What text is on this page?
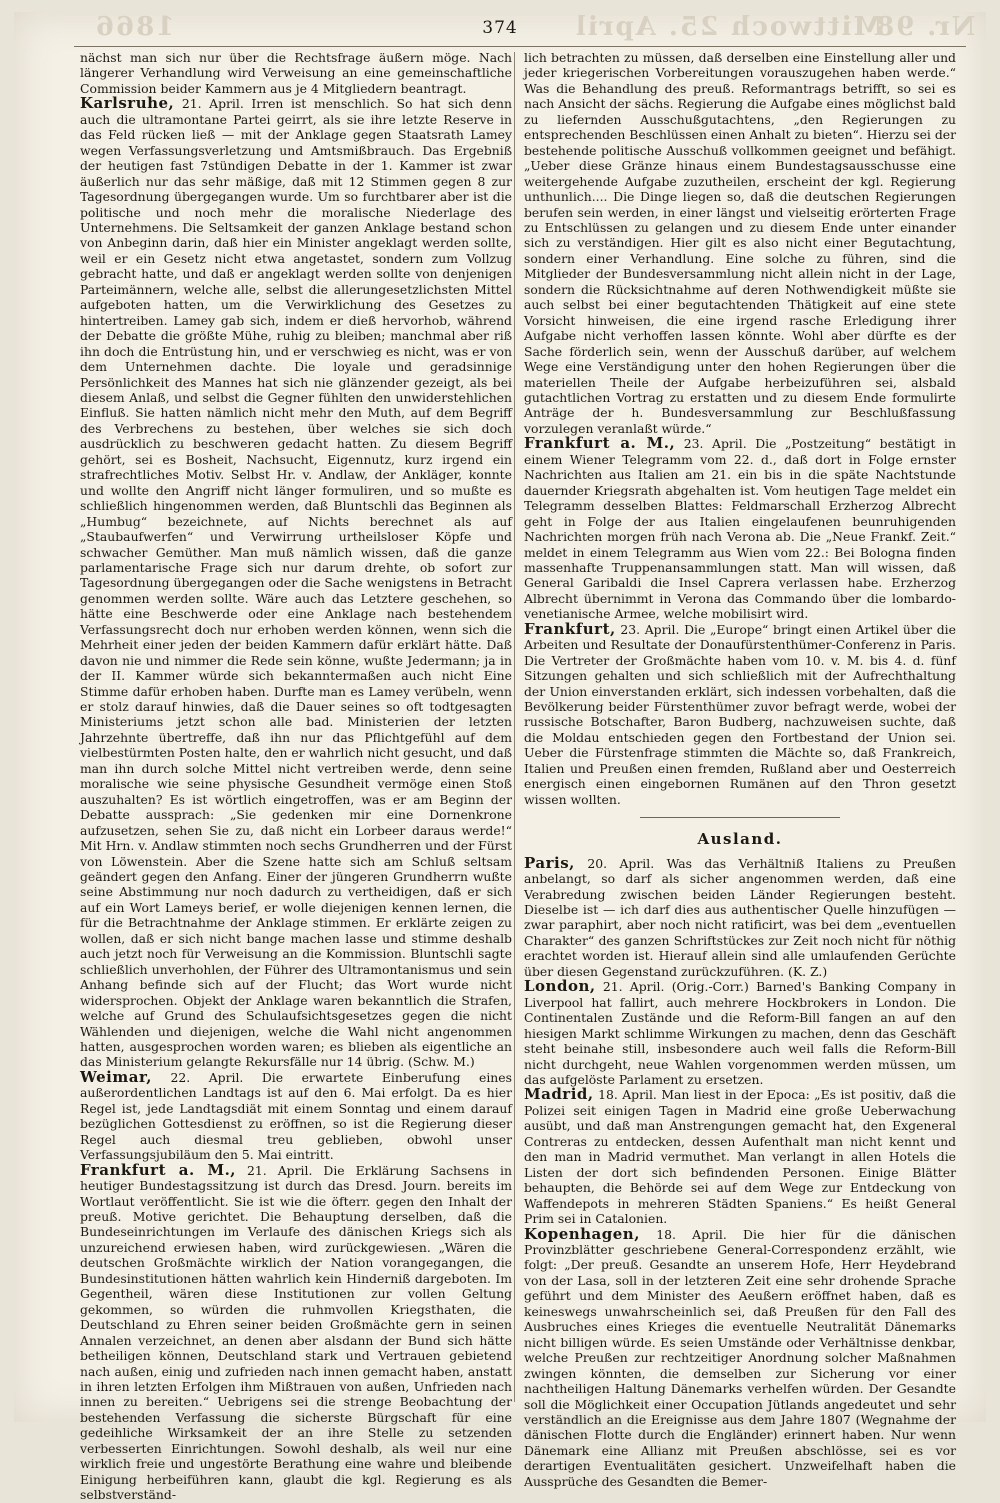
1866	Mittwoch 25. April
Nr. 98
374

nächst man sich nur über die Rechtsfrage äußern möge. Nach längerer Verhandlung wird Verweisung an eine gemeinschaftliche Commission beider Kammern aus je 4 Mitgliedern beantragt.

Karlsruhe, 21. April. Irren ist menschlich. So hat sich denn auch die ultramontane Partei geirrt, als sie ihre letzte Reserve in das Feld rücken ließ — mit der Anklage gegen Staatsrath Lamey wegen Verfassungsverletzung und Amtsmißbrauch. Das Ergebniß der heutigen fast 7stündigen Debatte in der 1. Kammer ist zwar äußerlich nur das sehr mäßige, daß mit 12 Stimmen gegen 8 zur Tagesordnung übergegangen wurde. Um so furchtbarer aber ist die politische und noch mehr die moralische Niederlage des Unternehmens. Die Seltsamkeit der ganzen Anklage bestand schon von Anbeginn darin, daß hier ein Minister angeklagt werden sollte, weil er ein Gesetz nicht etwa angetastet, sondern zum Vollzug gebracht hatte, und daß er angeklagt werden sollte von denjenigen Parteimännern, welche alle, selbst die allerungesetzlichsten Mittel aufgeboten hatten, um die Verwirklichung des Gesetzes zu hintertreiben. Lamey gab sich, indem er dieß hervorhob, während der Debatte die größte Mühe, ruhig zu bleiben; manchmal aber riß ihn doch die Entrüstung hin, und er verschwieg es nicht, was er von dem Unternehmen dachte. Die loyale und geradsinnige Persönlichkeit des Mannes hat sich nie glänzender gezeigt, als bei diesem Anlaß, und selbst die Gegner fühlten den unwiderstehlichen Einfluß. Sie hatten nämlich nicht mehr den Muth, auf dem Begriff des Verbrechens zu bestehen, über welches sie sich doch ausdrücklich zu beschweren gedacht hatten. Zu diesem Begriff gehört, sei es Bosheit, Nachsucht, Eigennutz, kurz irgend ein strafrechtliches Motiv. Selbst Hr. v. Andlaw, der Ankläger, konnte und wollte den Angriff nicht länger formuliren, und so mußte es schließlich hingenommen werden, daß Bluntschli das Beginnen als „Humbug“ bezeichnete, auf Nichts berechnet als auf „Staubaufwerfen“ und Verwirrung urtheilsloser Köpfe und schwacher Gemüther. Man muß nämlich wissen, daß die ganze parlamentarische Frage sich nur darum drehte, ob sofort zur Tagesordnung übergegangen oder die Sache wenigstens in Betracht genommen werden sollte. Wäre auch das Letztere geschehen, so hätte eine Beschwerde oder eine Anklage nach bestehendem Verfassungsrecht doch nur erhoben werden können, wenn sich die Mehrheit einer jeden der beiden Kammern dafür erklärt hätte. Daß davon nie und nimmer die Rede sein könne, wußte Jedermann; ja in der II. Kammer würde sich bekanntermaßen auch nicht Eine Stimme dafür erhoben haben. Durfte man es Lamey verübeln, wenn er stolz darauf hinwies, daß die Dauer seines so oft todtgesagten Ministeriums jetzt schon alle bad. Ministerien der letzten Jahrzehnte übertreffe, daß ihn nur das Pflichtgefühl auf dem vielbestürmten Posten halte, den er wahrlich nicht gesucht, und daß man ihn durch solche Mittel nicht vertreiben werde, denn seine moralische wie seine physische Gesundheit vermöge einen Stoß auszuhalten? Es ist wörtlich eingetroffen, was er am Beginn der Debatte aussprach: „Sie gedenken mir eine Dornenkrone aufzusetzen, sehen Sie zu, daß nicht ein Lorbeer daraus werde!“ Mit Hrn. v. Andlaw stimmten noch sechs Grundherren und der Fürst von Löwenstein. Aber die Szene hatte sich am Schluß seltsam geändert gegen den Anfang. Einer der jüngeren Grundherrn wußte seine Abstimmung nur noch dadurch zu vertheidigen, daß er sich auf ein Wort Lameys berief, er wolle diejenigen kennen lernen, die für die Betrachtnahme der Anklage stimmen. Er erklärte zeigen zu wollen, daß er sich nicht bange machen lasse und stimme deshalb auch jetzt noch für Verweisung an die Kommission. Bluntschli sagte schließlich unverhohlen, der Führer des Ultramontanismus und sein Anhang befinde sich auf der Flucht; das Wort wurde nicht widersprochen. Objekt der Anklage waren bekanntlich die Strafen, welche auf Grund des Schulaufsichtsgesetzes gegen die nicht Wählenden und diejenigen, welche die Wahl nicht angenommen hatten, ausgesprochen worden waren; es blieben als eigentliche an das Ministerium gelangte Rekursfälle nur 14 übrig. (Schw. M.)

Weimar, 22. April. Die erwartete Einberufung eines außerordentlichen Landtags ist auf den 6. Mai erfolgt. Da es hier Regel ist, jede Landtagsdiät mit einem Sonntag und einem darauf bezüglichen Gottesdienst zu eröffnen, so ist die Regierung dieser Regel auch diesmal treu geblieben, obwohl unser Verfassungsjubiläum den 5. Mai eintritt.

Frankfurt a. M., 21. April. Die Erklärung Sachsens in heutiger Bundestagssitzung ist durch das Dresd. Journ. bereits im Wortlaut veröffentlicht. Sie ist wie die öfterr. gegen den Inhalt der preuß. Motive gerichtet. Die Behauptung derselben, daß die Bundeseinrichtungen im Verlaufe des dänischen Kriegs sich als unzureichend erwiesen haben, wird zurückgewiesen. „Wären die deutschen Großmächte wirklich der Nation vorangegangen, die Bundesinstitutionen hätten wahrlich kein Hinderniß dargeboten. Im Gegentheil, wären diese Institutionen zur vollen Geltung gekommen, so würden die ruhmvollen Kriegsthaten, die Deutschland zu Ehren seiner beiden Großmächte gern in seinen Annalen verzeichnet, an denen aber alsdann der Bund sich hätte betheiligen können, Deutschland stark und Vertrauen gebietend nach außen, einig und zufrieden nach innen gemacht haben, anstatt in ihren letzten Erfolgen ihm Mißtrauen von außen, Unfrieden nach innen zu bereiten.“ Uebrigens sei die strenge Beobachtung der bestehenden Verfassung die sicherste Bürgschaft für eine gedeihliche Wirksamkeit der an ihre Stelle zu setzenden verbesserten Einrichtungen. Sowohl deshalb, als weil nur eine wirklich freie und ungestörte Berathung eine wahre und bleibende Einigung herbeiführen kann, glaubt die kgl. Regierung es als selbstverständ-

lich betrachten zu müssen, daß derselben eine Einstellung aller und jeder kriegerischen Vorbereitungen vorauszugehen haben werde.“ Was die Behandlung des preuß. Reformantrags betrifft, so sei es nach Ansicht der sächs. Regierung die Aufgabe eines möglichst bald zu liefernden Ausschußgutachtens, „den Regierungen zu entsprechenden Beschlüssen einen Anhalt zu bieten“. Hierzu sei der bestehende politische Ausschuß vollkommen geeignet und befähigt. „Ueber diese Gränze hinaus einem Bundestagsausschusse eine weitergehende Aufgabe zuzutheilen, erscheint der kgl. Regierung unthunlich.... Die Dinge liegen so, daß die deutschen Regierungen berufen sein werden, in einer längst und vielseitig erörterten Frage zu Entschlüssen zu gelangen und zu diesem Ende unter einander sich zu verständigen. Hier gilt es also nicht einer Begutachtung, sondern einer Verhandlung. Eine solche zu führen, sind die Mitglieder der Bundesversammlung nicht allein nicht in der Lage, sondern die Rücksichtnahme auf deren Nothwendigkeit müßte sie auch selbst bei einer begutachtenden Thätigkeit auf eine stete Vorsicht hinweisen, die eine irgend rasche Erledigung ihrer Aufgabe nicht verhoffen lassen könnte. Wohl aber dürfte es der Sache förderlich sein, wenn der Ausschuß darüber, auf welchem Wege eine Verständigung unter den hohen Regierungen über die materiellen Theile der Aufgabe herbeizuführen sei, alsbald gutachtlichen Vortrag zu erstatten und zu diesem Ende formulirte Anträge der h. Bundesversammlung zur Beschlußfassung vorzulegen veranlaßt würde.“

Frankfurt a. M., 23. April. Die „Postzeitung“ bestätigt in einem Wiener Telegramm vom 22. d., daß dort in Folge ernster Nachrichten aus Italien am 21. ein bis in die späte Nachtstunde dauernder Kriegsrath abgehalten ist. Vom heutigen Tage meldet ein Telegramm desselben Blattes: Feldmarschall Erzherzog Albrecht geht in Folge der aus Italien eingelaufenen beunruhigenden Nachrichten morgen früh nach Verona ab. Die „Neue Frankf. Zeit.“ meldet in einem Telegramm aus Wien vom 22.: Bei Bologna finden massenhafte Truppenansammlungen statt. Man will wissen, daß General Garibaldi die Insel Caprera verlassen habe. Erzherzog Albrecht übernimmt in Verona das Commando über die lombardo-venetianische Armee, welche mobilisirt wird.

Frankfurt, 23. April. Die „Europe“ bringt einen Artikel über die Arbeiten und Resultate der Donaufürstenthümer-Conferenz in Paris. Die Vertreter der Großmächte haben vom 10. v. M. bis 4. d. fünf Sitzungen gehalten und sich schließlich mit der Aufrechthaltung der Union einverstanden erklärt, sich indessen vorbehalten, daß die Bevölkerung beider Fürstenthümer zuvor befragt werde, wobei der russische Botschafter, Baron Budberg, nachzuweisen suchte, daß die Moldau entschieden gegen den Fortbestand der Union sei. Ueber die Fürstenfrage stimmten die Mächte so, daß Frankreich, Italien und Preußen einen fremden, Rußland aber und Oesterreich energisch einen eingebornen Rumänen auf den Thron gesetzt wissen wollten.

Ausland.

Paris, 20. April. Was das Verhältniß Italiens zu Preußen anbelangt, so darf als sicher angenommen werden, daß eine Verabredung zwischen beiden Länder Regierungen besteht. Dieselbe ist — ich darf dies aus authentischer Quelle hinzufügen — zwar paraphirt, aber noch nicht ratificirt, was bei dem „eventuellen Charakter“ des ganzen Schriftstückes zur Zeit noch nicht für nöthig erachtet worden ist. Hierauf allein sind alle umlaufenden Gerüchte über diesen Gegenstand zurückzuführen. (K. Z.)

London, 21. April. (Orig.-Corr.) Barned's Banking Company in Liverpool hat fallirt, auch mehrere Hockbrokers in London. Die Continentalen Zustände und die Reform-Bill fangen an auf den hiesigen Markt schlimme Wirkungen zu machen, denn das Geschäft steht beinahe still, insbesondere auch weil falls die Reform-Bill nicht durchgeht, neue Wahlen vorgenommen werden müssen, um das aufgelöste Parlament zu ersetzen.

Madrid, 18. April. Man liest in der Epoca: „Es ist positiv, daß die Polizei seit einigen Tagen in Madrid eine große Ueberwachung ausübt, und daß man Anstrengungen gemacht hat, den Exgeneral Contreras zu entdecken, dessen Aufenthalt man nicht kennt und den man in Madrid vermuthet. Man verlangt in allen Hotels die Listen der dort sich befindenden Personen. Einige Blätter behaupten, die Behörde sei auf dem Wege zur Entdeckung von Waffendepots in mehreren Städten Spaniens.“ Es heißt General Prim sei in Catalonien.

Kopenhagen, 18. April. Die hier für die dänischen Provinzblätter geschriebene General-Correspondenz erzählt, wie folgt: „Der preuß. Gesandte an unserem Hofe, Herr Heydebrand von der Lasa, soll in der letzteren Zeit eine sehr drohende Sprache geführt und dem Minister des Aeußern eröffnet haben, daß es keineswegs unwahrscheinlich sei, daß Preußen für den Fall des Ausbruches eines Krieges die eventuelle Neutralität Dänemarks nicht billigen würde. Es seien Umstände oder Verhältnisse denkbar, welche Preußen zur rechtzeitiger Anordnung solcher Maßnahmen zwingen könnten, die demselben zur Sicherung vor einer nachtheiligen Haltung Dänemarks verhelfen würden. Der Gesandte soll die Möglichkeit einer Occupation Jütlands angedeutet und sehr verständlich an die Ereignisse aus dem Jahre 1807 (Wegnahme der dänischen Flotte durch die Engländer) erinnert haben. Nur wenn Dänemark eine Allianz mit Preußen abschlösse, sei es vor derartigen Eventualitäten gesichert. Unzweifelhaft haben die Aussprüche des Gesandten die Bemer-
